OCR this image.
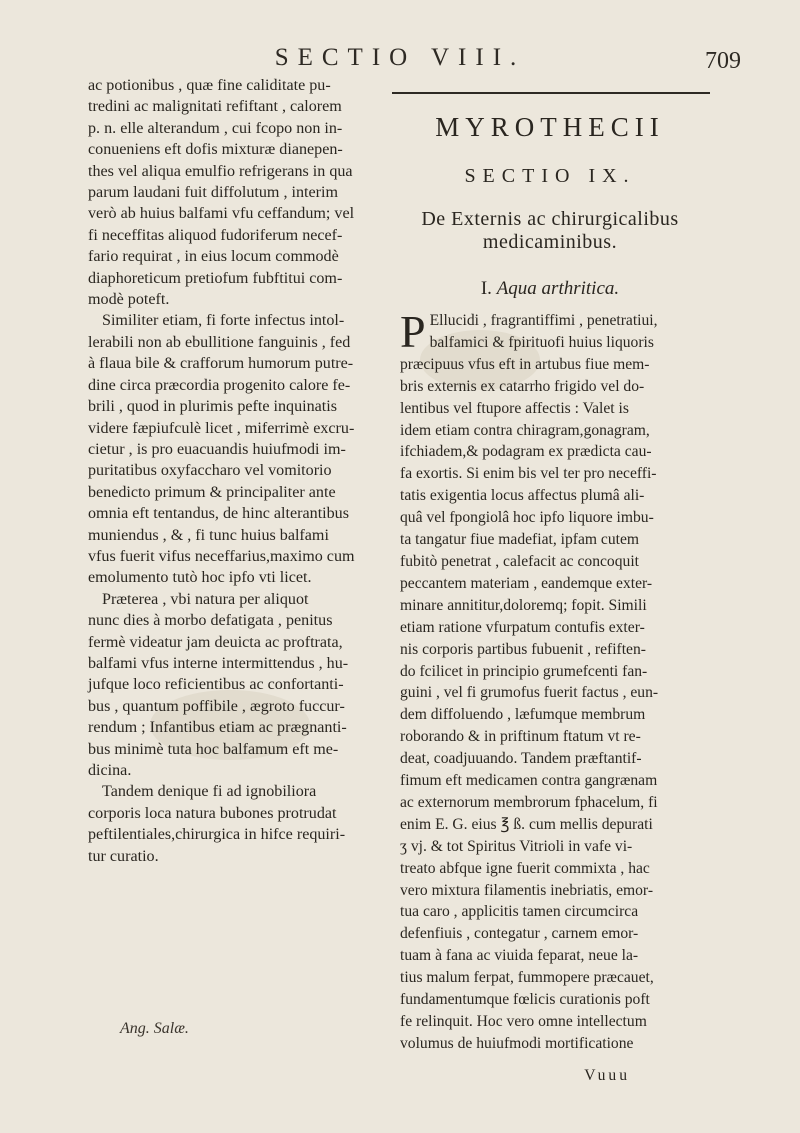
SECTIO VIII.	709
ac potionibus , quæ fine caliditate pu-
tredini ac malignitati refiftant , calorem
p. n. elle alterandum , cui fcopo non in-
conueniens eft dofis mixturæ dianepen-
thes vel aliqua emulfio refrigerans in qua
parum laudani fuit diffolutum , interim
verò ab huius balfami vfu ceffandum; vel
fi neceffitas aliquod fudoriferum necef-
fario requirat , in eius locum commodè
diaphoreticum pretiofum fubftitui com-
modè poteft.
Similiter etiam, fi forte infectus intol-
lerabili non ab ebullitione fanguinis , fed
à flaua bile & crafforum humorum putre-
dine circa præcordia progenito calore fe-
brili , quod in plurimis pefte inquinatis
videre fæpiufculè licet , miferrimè excru-
cietur , is pro euacuandis huiufmodi im-
puritatibus oxyfaccharo vel vomitorio
benedicto primum & principaliter ante
omnia eft tentandus, de hinc alterantibus
muniendus , & , fi tunc huius balfami
vfus fuerit vifus neceffarius,maximo cum
emolumento tutò hoc ipfo vti licet.
Præterea , vbi natura per aliquot
nunc dies à morbo defatigata , penitus
fermè videatur jam deuicta ac proftrata,
balfami vfus interne intermittendus , hu-
jufque loco reficientibus ac confortanti-
bus , quantum poffibile , ægroto fuccur-
rendum ; Infantibus etiam ac prægnanti-
bus minimè tuta hoc balfamum eft me-
dicina.
Tandem denique fi ad ignobiliora
corporis loca natura bubones protrudat
peftilentiales,chirurgica in hifce requiri-
tur curatio.
Ang. Salæ.
MYROTHECII
SECTIO IX.
De Externis ac chirurgicalibus
medicaminibus.
I. Aqua arthritica.
P Ellucidi , fragrantiffimi , penetratiui,
balfamici & fpirituofi huius liquoris
præcipuus vfus eft in artubus fiue mem-
bris externis ex catarrho frigido vel do-
lentibus vel ftupore affectis : Valet is
idem etiam contra chiragram,gonagram,
ifchiadem,& podagram ex prædicta cau-
fa exortis. Si enim bis vel ter pro neceffi-
tatis exigentia locus affectus plumâ ali-
quâ vel fpongiolâ hoc ipfo liquore imbu-
ta tangatur fiue madefiat, ipfam cutem
fubitò penetrat , calefacit ac concoquit
peccantem materiam , eandemque exter-
minare annititur,doloremq; fopit. Simili
etiam ratione vfurpatum contufis exter-
nis corporis partibus fubuenit , refiften-
do fcilicet in principio grumefcenti fan-
guini , vel fi grumofus fuerit factus , eun-
dem diffoluendo , læfumque membrum
roborando & in priftinum ftatum vt re-
deat, coadjuuando. Tandem præftantif-
fimum eft medicamen contra gangrænam
ac externorum membrorum fphacelum, fi
enim E. G. eius ℥ ß. cum mellis depurati
ʒ vj. & tot Spiritus Vitrioli in vafe vi-
treato abfque igne fuerit commixta , hac
vero mixtura filamentis inebriatis, emor-
tua caro , applicitis tamen circumcirca
defenfiuis , contegatur , carnem emor-
tuam à fana ac viuida feparat, neue la-
tius malum ferpat, fummopere præcauet,
fundamentumque fœlicis curationis poft
fe relinquit. Hoc vero omne intellectum
volumus de huiufmodi mortificatione
Vuuu
